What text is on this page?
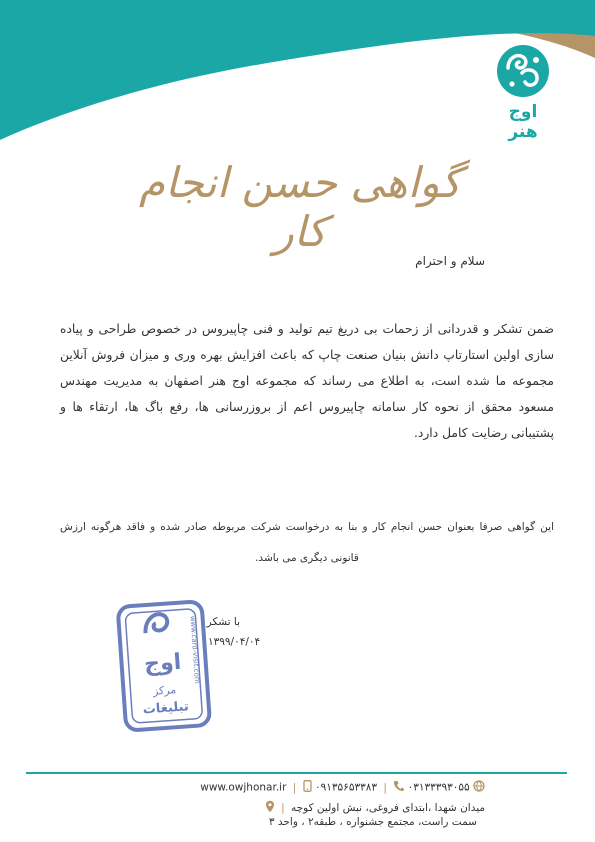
اوج هنر
گواهی حسن انجام کار
سلام و احترام
ضمن تشکر و قدردانی از زحمات بی دریغ تیم تولید و فنی چاپیروس در خصوص طراحی و پیاده سازی اولین استارتاپ دانش بنیان صنعت چاپ که باعث افزایش بهره وری و میزان فروش آنلاین مجموعه ما شده است، به اطلاع می رساند که مجموعه اوج هنر اصفهان به مدیریت مهندس مسعود محقق از نحوه کار سامانه چاپیروس اعم از بروزرسانی ها، رفع باگ ها، ارتقاء ها و پشتیبانی رضایت کامل دارد.
این گواهی صرفا بعنوان حسن انجام کار و بنا به درخواست شرکت مربوطه صادر شده و فاقد هرگونه ارزش قانونی دیگری می باشد.
با تشکر
۱۳۹۹/۰۴/۰۴
اوج
مرکز
تبلیغات
www.card-visit.com
www.owjhonar.ir | ۰۹۱۳۵۶۵۳۳۸۳ | ۰۳۱۳۳۳۹۳۰۵۵
میدان شهدا ،ابتدای فروغی، نبش اولین کوچه |
سمت راست، مجتمع جشنواره ، طبقه۲ ، واحد ۳
